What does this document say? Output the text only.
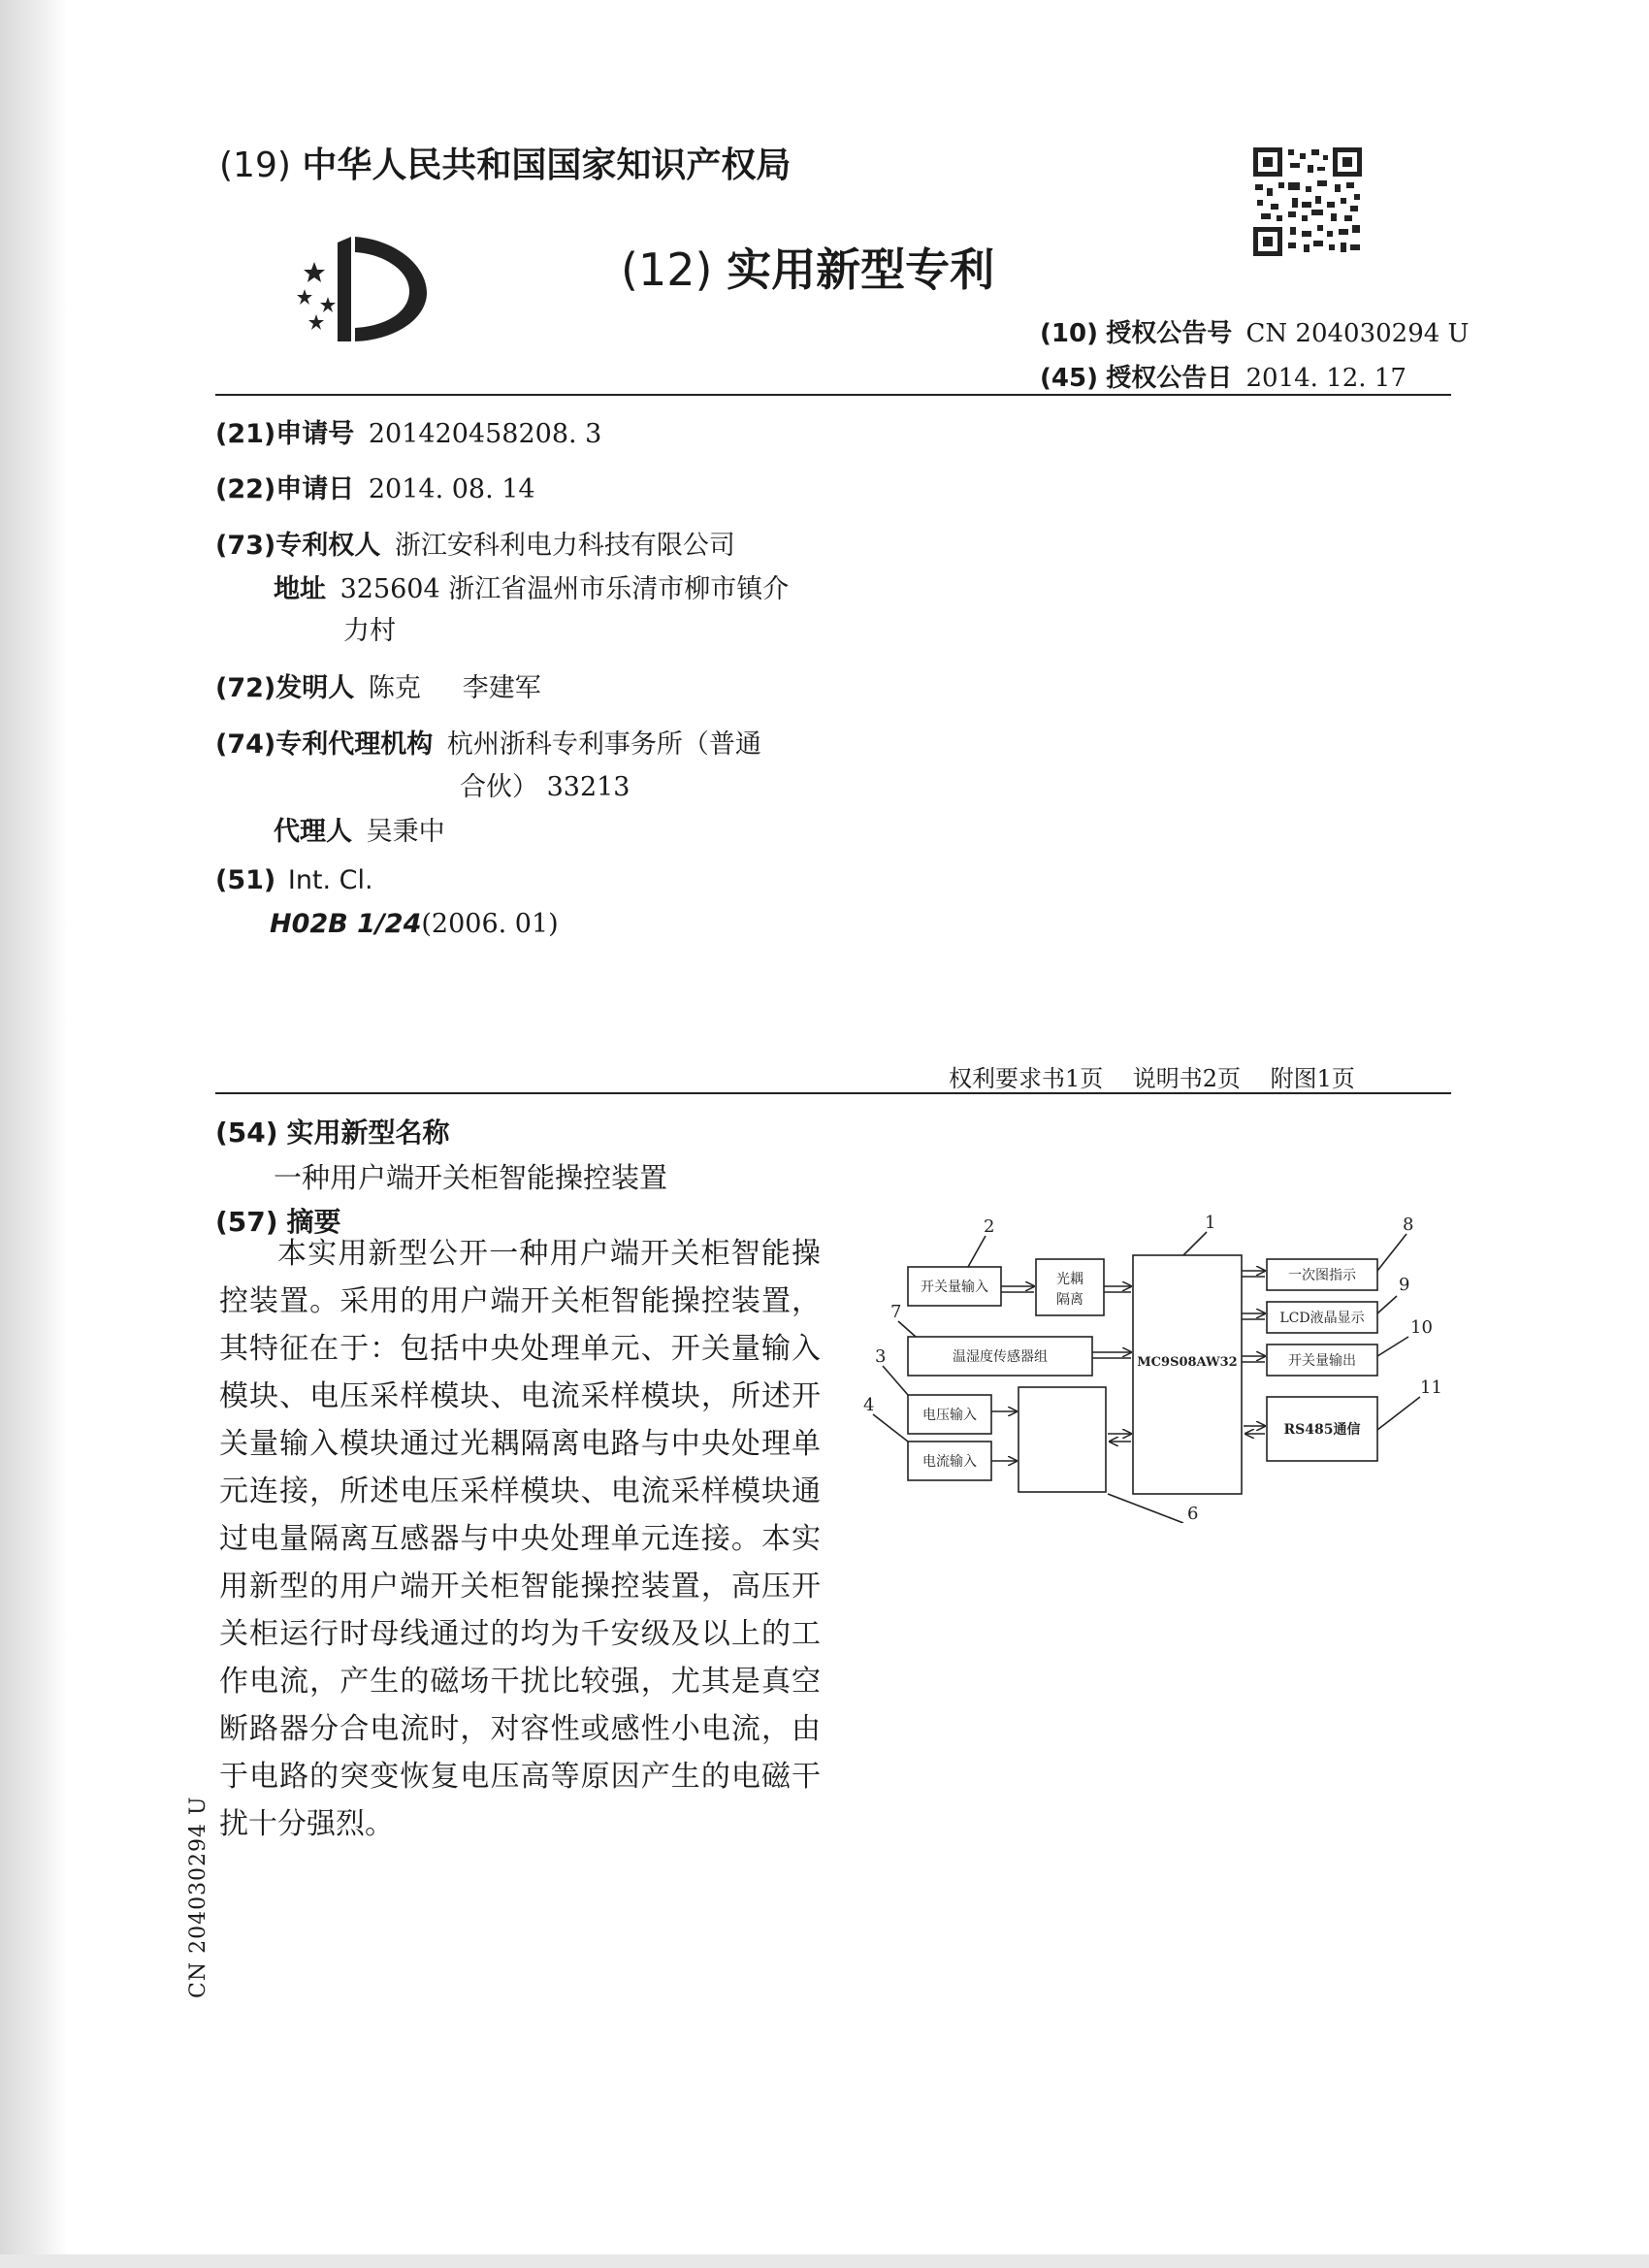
(19) 中华人民共和国国家知识产权局
(12) 实用新型专利
(10) 授权公告号 CN 204030294 U
(45) 授权公告日 2014. 12. 17
(21)申请号 201420458208. 3
(22)申请日 2014. 08. 14
(73)专利权人 浙江安科利电力科技有限公司
地址 325604 浙江省温州市乐清市柳市镇介
力村
(72)发明人 陈克     李建军
(74)专利代理机构 杭州浙科专利事务所（普通
合伙） 33213
代理人 吴秉中
(51) Int. Cl.
H02B 1/24(2006. 01)
权利要求书1页    说明书2页    附图1页
(54) 实用新型名称
一种用户端开关柜智能操控装置
(57) 摘要
本实用新型公开一种用户端开关柜智能操控装置。采用的用户端开关柜智能操控装置，其特征在于：包括中央处理单元、开关量输入模块、电压采样模块、电流采样模块，所述开关量输入模块通过光耦隔离电路与中央处理单元连接，所述电压采样模块、电流采样模块通过电量隔离互感器与中央处理单元连接。本实用新型的用户端开关柜智能操控装置，高压开关柜运行时母线通过的均为千安级及以上的工作电流，产生的磁场干扰比较强，尤其是真空断路器分合电流时，对容性或感性小电流，由于电路的突变恢复电压高等原因产生的电磁干扰十分强烈。
开关量输入	光耦
隔离
温湿度传感器组
电压输入
电流输入
MC9S08AW32
一次图指示
LCD液晶显示
开关量输出
RS485通信
1
2
3
4
6
7
8
9
10
11
CN 204030294 U
